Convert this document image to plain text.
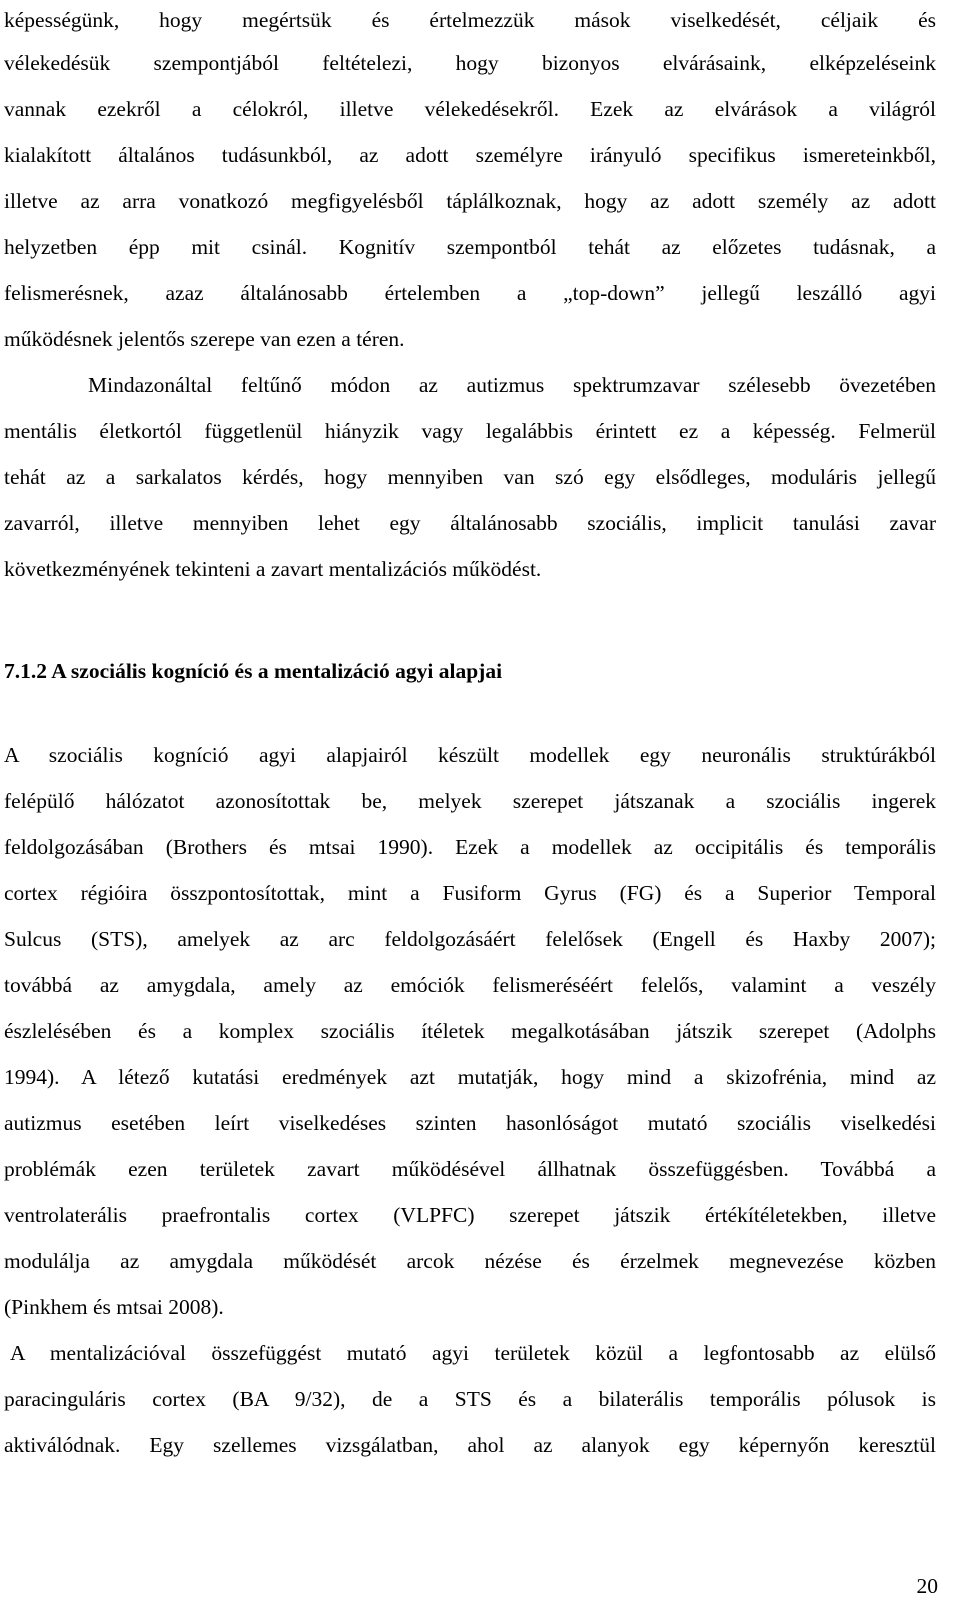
képességünk, hogy megértsük és értelmezzük mások viselkedését, céljaik és
vélekedésük szempontjából feltételezi, hogy bizonyos elvárásaink, elképzeléseink
vannak ezekről a célokról, illetve vélekedésekről. Ezek az elvárások a világról
kialakított általános tudásunkból, az adott személyre irányuló specifikus ismereteinkből,
illetve az arra vonatkozó megfigyelésből táplálkoznak, hogy az adott személy az adott
helyzetben épp mit csinál. Kognitív szempontból tehát az előzetes tudásnak, a
felismerésnek, azaz általánosabb értelemben a „top-down” jellegű leszálló agyi
működésnek jelentős szerepe van ezen a téren.
Mindazonáltal feltűnő módon az autizmus spektrumzavar szélesebb övezetében
mentális életkortól függetlenül hiányzik vagy legalábbis érintett ez a képesség. Felmerül
tehát az a sarkalatos kérdés, hogy mennyiben van szó egy elsődleges, moduláris jellegű
zavarról, illetve mennyiben lehet egy általánosabb szociális, implicit tanulási zavar
következményének tekinteni a zavart mentalizációs működést.
7.1.2 A szociális kogníció és a mentalizáció agyi alapjai
A szociális kogníció agyi alapjairól készült modellek egy neuronális struktúrákból
felépülő hálózatot azonosítottak be, melyek szerepet játszanak a szociális ingerek
feldolgozásában (Brothers és mtsai 1990). Ezek a modellek az occipitális és temporális
cortex régióira összpontosítottak, mint a Fusiform Gyrus (FG) és a Superior Temporal
Sulcus (STS), amelyek az arc feldolgozásáért felelősek (Engell és Haxby 2007);
továbbá az amygdala, amely az emóciók felismeréséért felelős, valamint a veszély
észlelésében és a komplex szociális ítéletek megalkotásában játszik szerepet (Adolphs
1994). A létező kutatási eredmények azt mutatják, hogy mind a skizofrénia, mind az
autizmus esetében leírt viselkedéses szinten hasonlóságot mutató szociális viselkedési
problémák ezen területek zavart működésével állhatnak összefüggésben. Továbbá a
ventrolaterális praefrontalis cortex (VLPFC) szerepet játszik értékítéletekben, illetve
modulálja az amygdala működését arcok nézése és érzelmek megnevezése közben
(Pinkhem és mtsai 2008).
A mentalizációval összefüggést mutató agyi területek közül a legfontosabb az elülső
paracinguláris cortex (BA 9/32), de a STS és a bilaterális temporális pólusok is
aktiválódnak. Egy szellemes vizsgálatban, ahol az alanyok egy képernyőn keresztül
20
